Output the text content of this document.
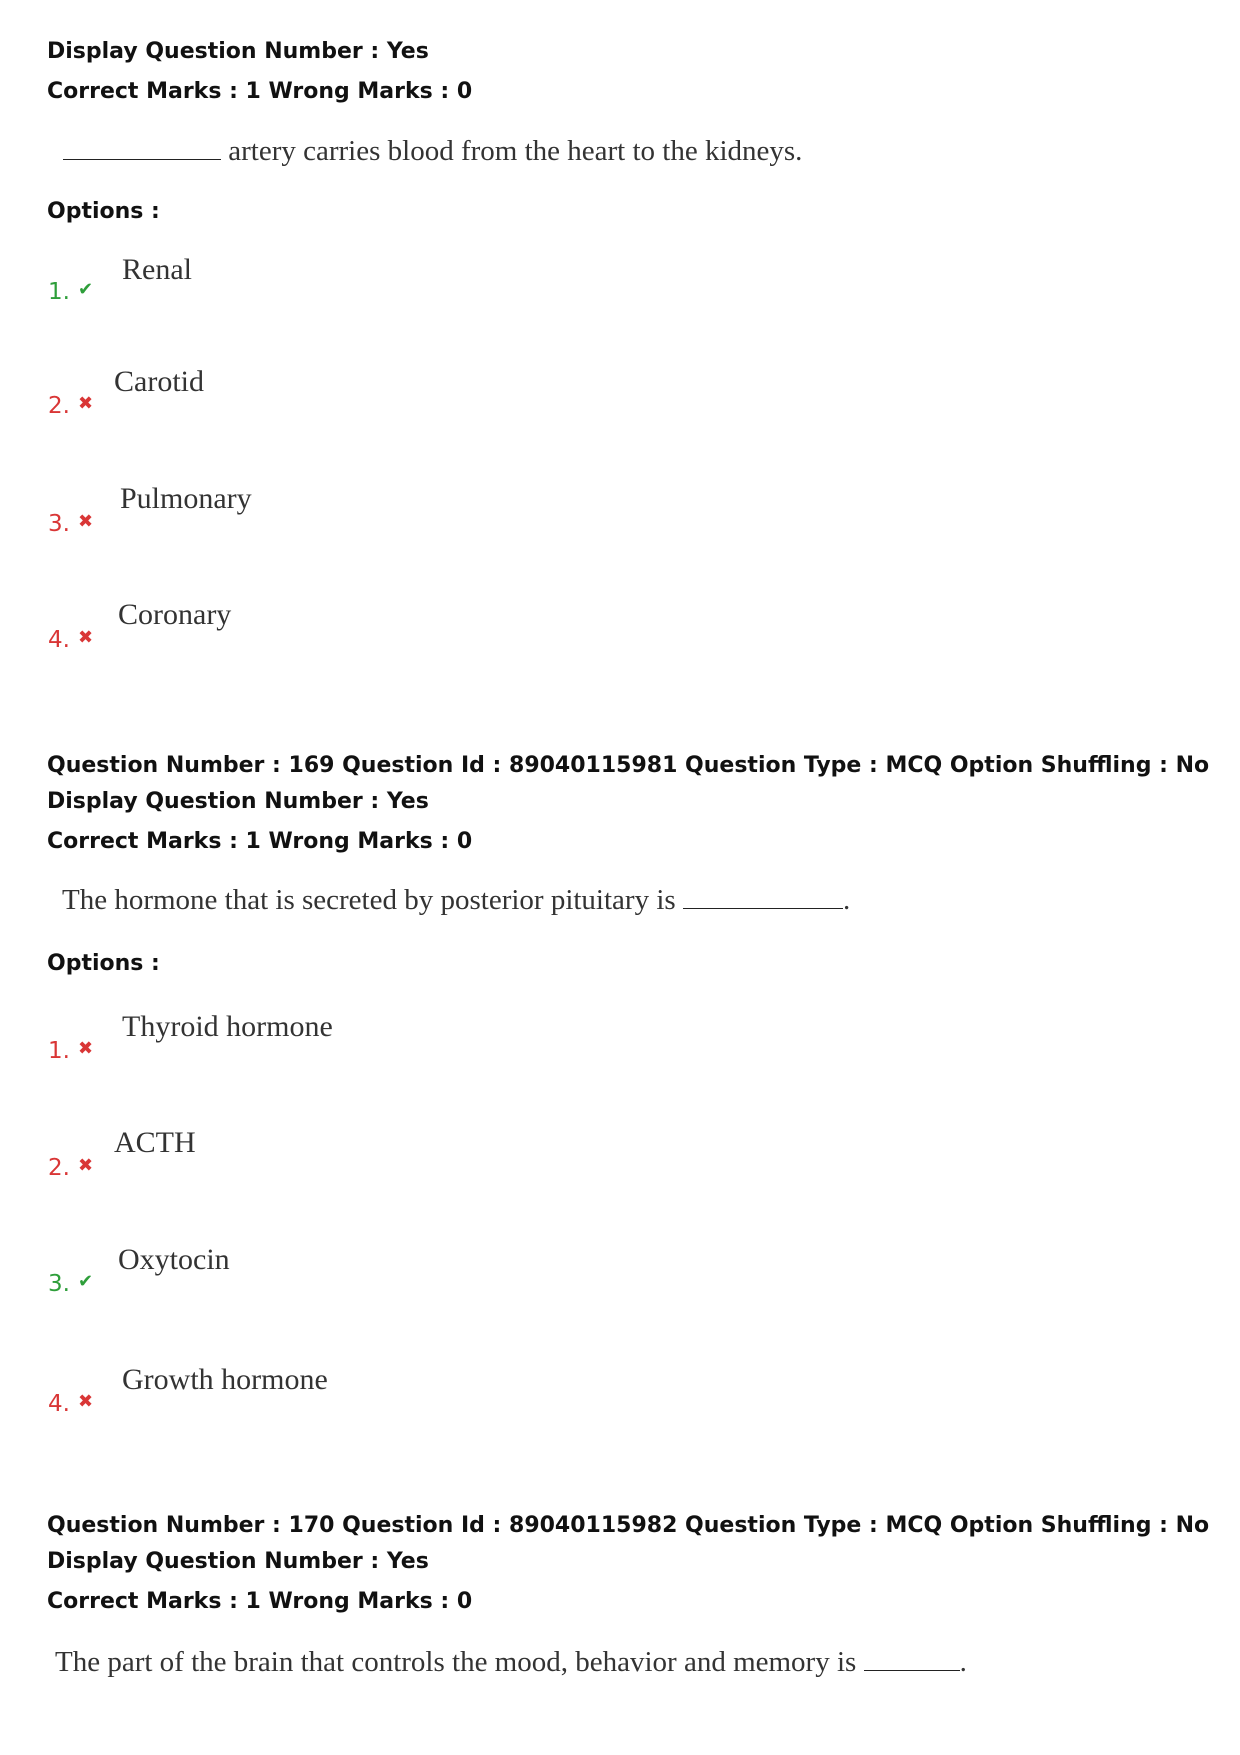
Display Question Number : Yes
Correct Marks : 1 Wrong Marks : 0
artery carries blood from the heart to the kidneys.
Options :
1. ✔
Renal
2. ✖
Carotid
3. ✖
Pulmonary
4. ✖
Coronary
Question Number : 169 Question Id : 89040115981 Question Type : MCQ Option Shuffling : No
Display Question Number : Yes
Correct Marks : 1 Wrong Marks : 0
The hormone that is secreted by posterior pituitary is	.
Options :
1. ✖
Thyroid hormone
2. ✖
ACTH
3. ✔
Oxytocin
4. ✖
Growth hormone
Question Number : 170 Question Id : 89040115982 Question Type : MCQ Option Shuffling : No
Display Question Number : Yes
Correct Marks : 1 Wrong Marks : 0
The part of the brain that controls the mood, behavior and memory is	.
